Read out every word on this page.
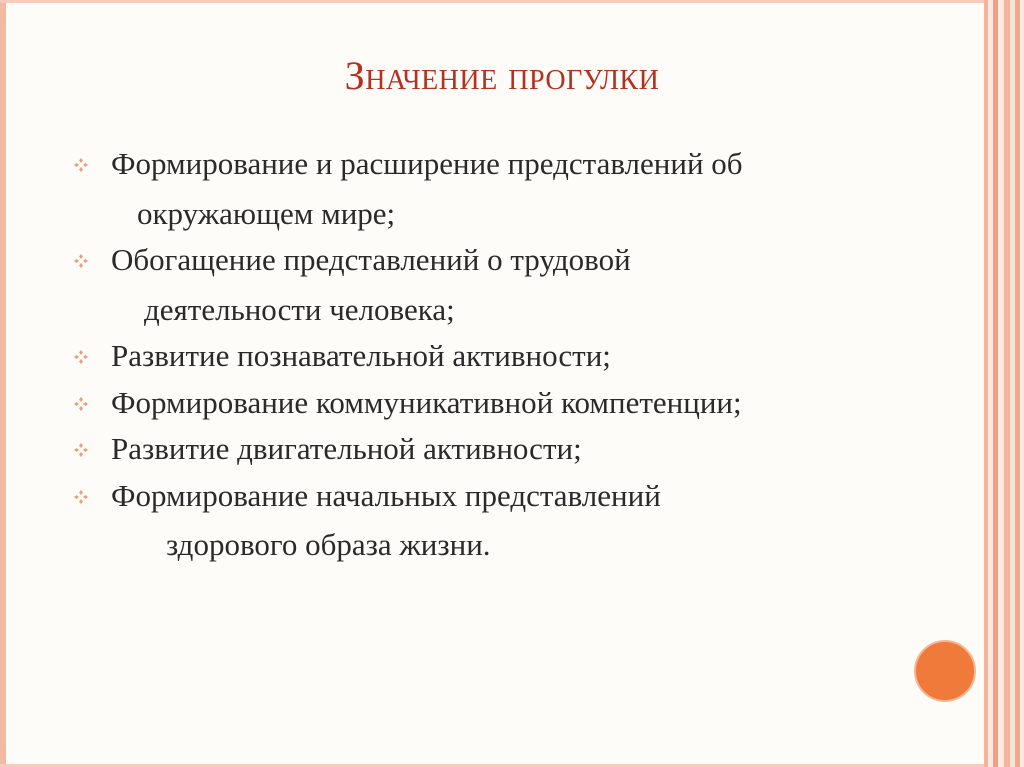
Значение прогулки
Формирование и расширение представлений об
окружающем мире;
Обогащение представлений о трудовой
деятельности человека;
Развитие познавательной активности;
Формирование коммуникативной компетенции;
Развитие двигательной активности;
Формирование начальных представлений
здорового образа жизни.
